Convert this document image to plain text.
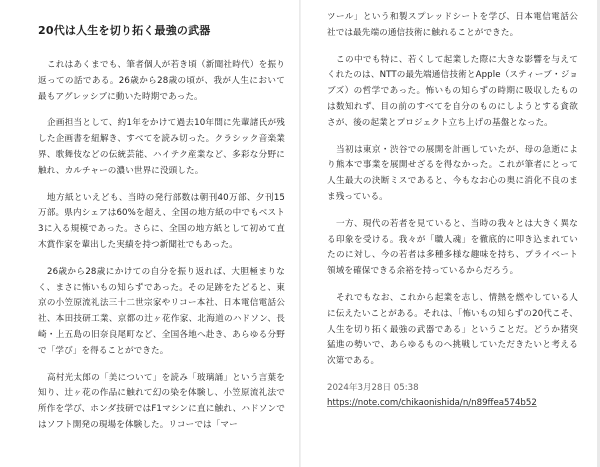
20代は人生を切り拓く最強の武器

これはあくまでも、筆者個人が若き頃（新聞社時代）を振り返っての話である。26歳から28歳の頃が、我が人生において最もアグレッシブに動いた時期であった。

企画担当として、約1年をかけて過去10年間に先輩諸氏が残した企画書を紐解き、すべてを読み切った。クラシック音楽業界、歌舞伎などの伝統芸能、ハイテク産業など、多彩な分野に触れ、カルチャーの濃い世界に没頭した。

地方紙といえども、当時の発行部数は朝刊40万部、夕刊15万部。県内シェアは60%を超え、全国の地方紙の中でもベスト3に入る規模であった。さらに、全国の地方紙として初めて直木賞作家を輩出した実績を持つ新聞社でもあった。

26歳から28歳にかけての自分を振り返れば、大胆極まりなく、まさに怖いもの知らずであった。その足跡をたどると、東京の小笠原流礼法三十二世宗家やリコー本社、日本電信電話公社、本田技研工業、京都の辻ヶ花作家、北海道のハドソン、長崎・上五島の旧奈良尾町など、全国各地へ赴き、あらゆる分野で「学び」を得ることができた。

高村光太郎の「美について」を読み「玻璃誦」という言葉を知り、辻ヶ花の作品に触れて幻の染を体験し、小笠原流礼法で所作を学び、ホンダ技研ではF1マシンに直に触れ、ハドソンではソフト開発の現場を体験した。リコーでは「マー

ツール」という和製スプレッドシートを学び、日本電信電話公社では最先端の通信技術に触れることができた。

この中でも特に、若くして起業した際に大きな影響を与えてくれたのは、NTTの最先端通信技術とApple（スティーブ・ジョブズ）の哲学であった。怖いもの知らずの時期に吸収したものは数知れず、目の前のすべてを自分のものにしようとする貪欲さが、後の起業とプロジェクト立ち上げの基盤となった。

当初は東京・渋谷での展開を計画していたが、母の急逝により熊本で事業を展開せざるを得なかった。これが筆者にとって人生最大の決断ミスであると、今もなお心の奥に消化不良のまま残っている。

一方、現代の若者を見ていると、当時の我々とは大きく異なる印象を受ける。我々が「職人魂」を徹底的に叩き込まれていたのに対し、今の若者は多種多様な趣味を持ち、プライベート領域を確保できる余裕を持っているからだろう。

それでもなお、これから起業を志し、情熱を燃やしている人に伝えたいことがある。それは、「怖いもの知らずの20代こそ、人生を切り拓く最強の武器である」ということだ。どうか猪突猛進の勢いで、あらゆるものへ挑戦していただきたいと考える次第である。

2024年3月28日 05:38
https://note.com/chikaonishida/n/n89ffea574b52
